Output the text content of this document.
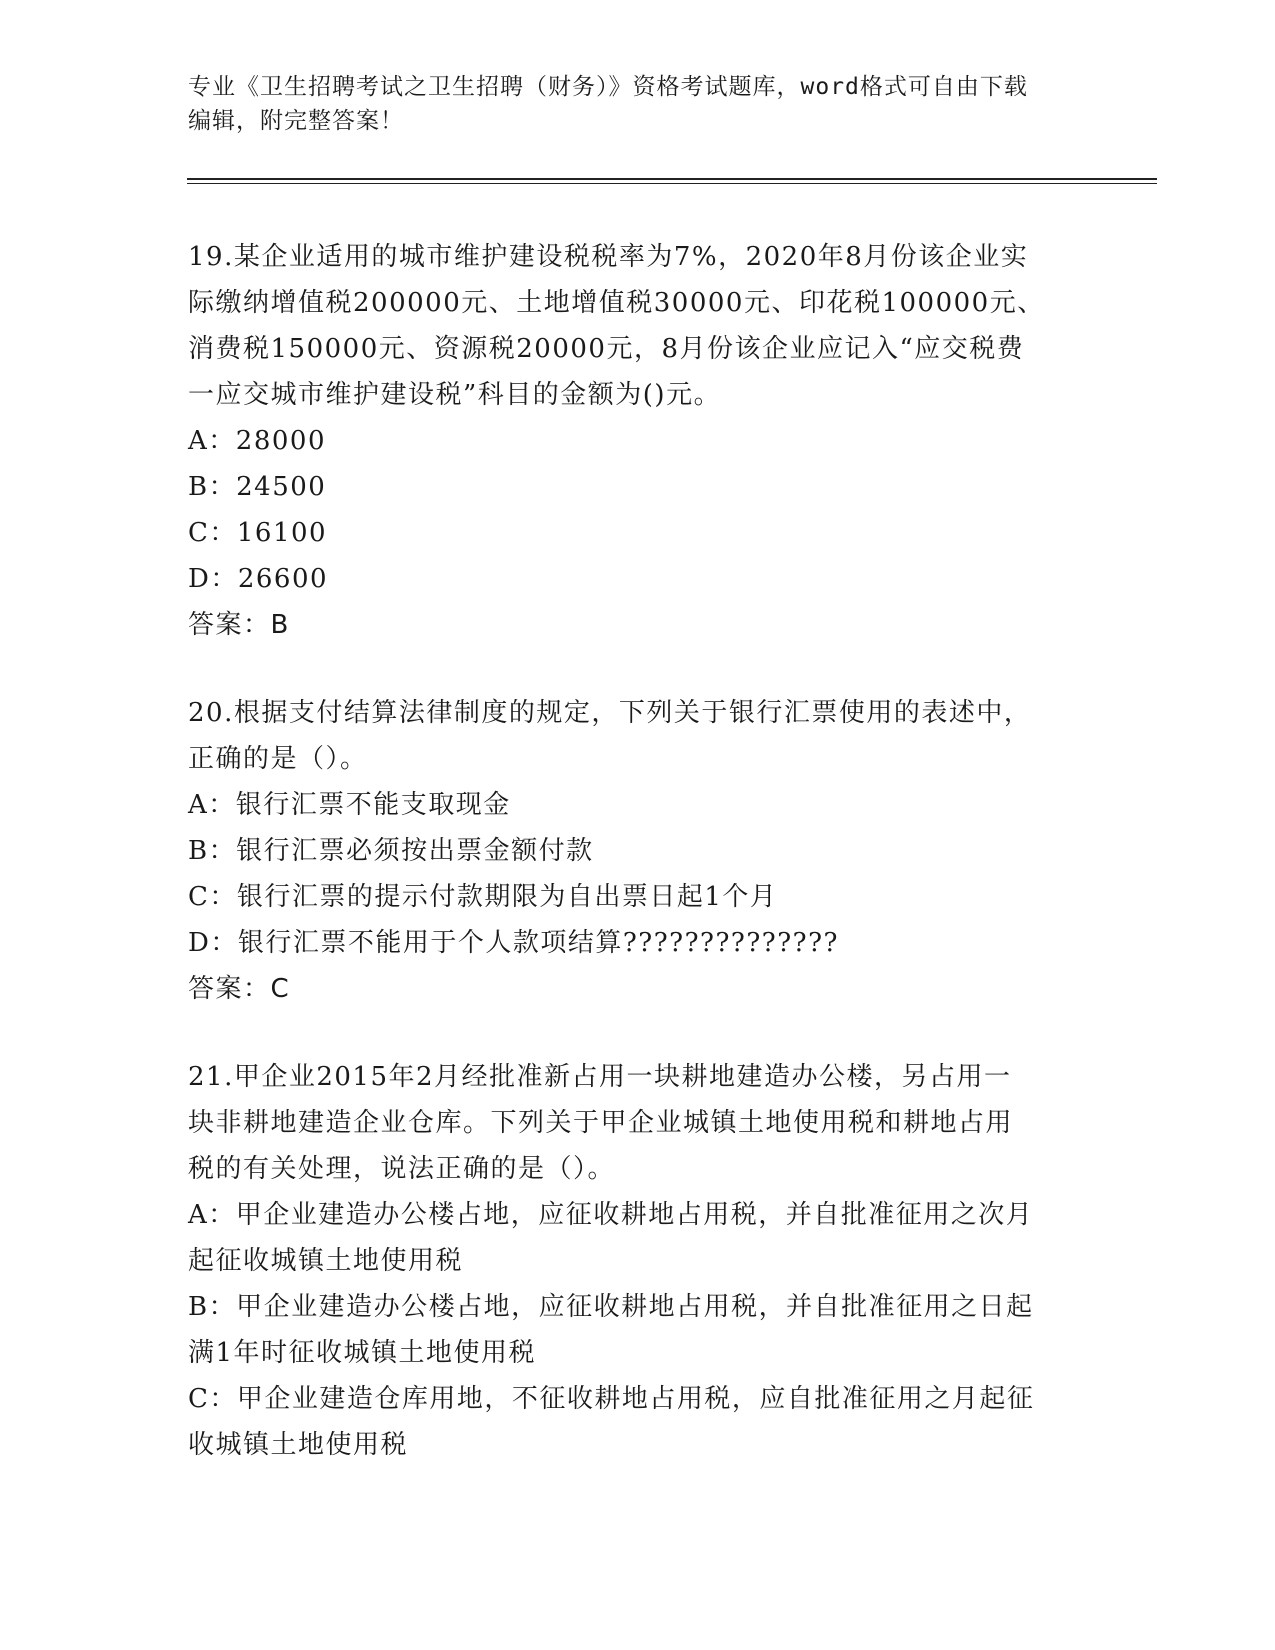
专业《卫生招聘考试之卫生招聘（财务）》资格考试题库，word格式可自由下载
编辑，附完整答案！

19.某企业适用的城市维护建设税税率为7%，2020年8月份该企业实

际缴纳增值税200000元、土地增值税30000元、印花税100000元、

消费税150000元、资源税20000元，8月份该企业应记入“应交税费

一应交城市维护建设税”科目的金额为()元。

A：28000

B：24500

C：16100

D：26600

答案：B

20.根据支付结算法律制度的规定，下列关于银行汇票使用的表述中，

正确的是（）。

A：银行汇票不能支取现金

B：银行汇票必须按出票金额付款

C：银行汇票的提示付款期限为自出票日起1个月

D：银行汇票不能用于个人款项结算??????????????

答案：C

21.甲企业2015年2月经批准新占用一块耕地建造办公楼，另占用一

块非耕地建造企业仓库。下列关于甲企业城镇土地使用税和耕地占用

税的有关处理，说法正确的是（）。

A：甲企业建造办公楼占地，应征收耕地占用税，并自批准征用之次月

起征收城镇土地使用税

B：甲企业建造办公楼占地，应征收耕地占用税，并自批准征用之日起

满1年时征收城镇土地使用税

C：甲企业建造仓库用地，不征收耕地占用税，应自批准征用之月起征

收城镇土地使用税
